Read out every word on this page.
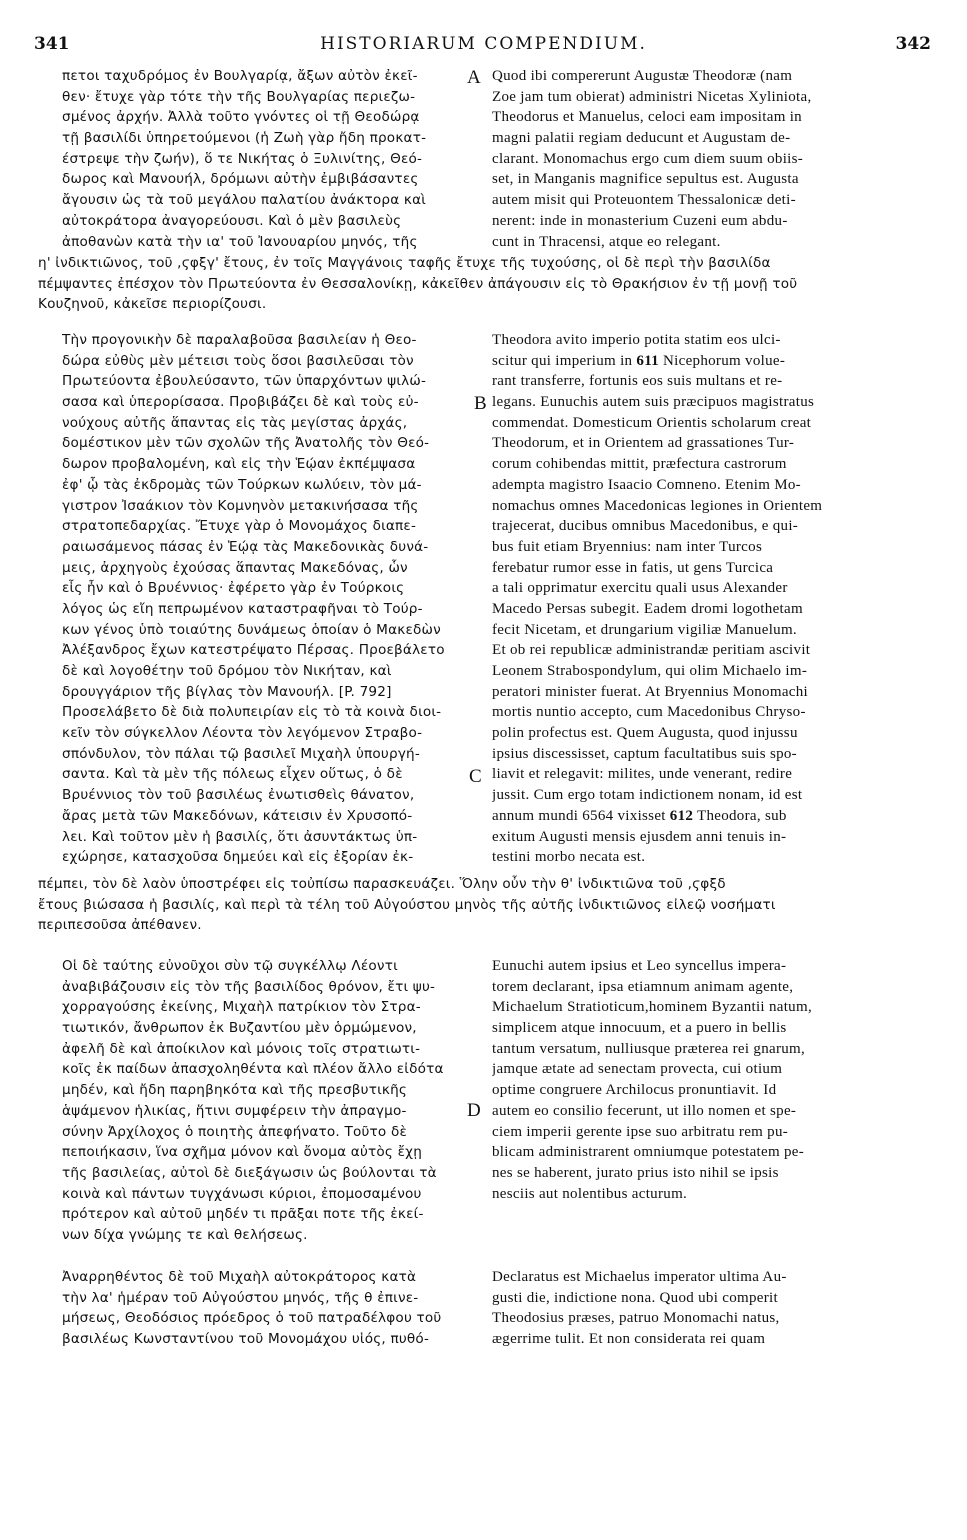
341	HISTORIARUM COMPENDIUM.	342
πετοι ταχυδρόμος ἐν Βουλγαρίᾳ, ἄξων αὐτὸν ἐκεῖ-
θεν· ἔτυχε γὰρ τότε τὴν τῆς Βουλγαρίας περιεζω-
σμένος ἀρχήν. Ἀλλὰ τοῦτο γνόντες οἱ τῇ Θεοδώρᾳ
τῇ βασιλίδι ὑπηρετούμενοι (ἡ Ζωὴ γὰρ ἤδη προκατ-
έστρεψε τὴν ζωήν), ὅ τε Νικήτας ὁ Ξυλινίτης, Θεό-
δωρος καὶ Μανουήλ, δρόμωνι αὐτὴν ἐμβιβάσαντες
ἄγουσιν ὡς τὰ τοῦ μεγάλου παλατίου ἀνάκτορα καὶ
αὐτοκράτορα ἀναγορεύουσι. Καὶ ὁ μὲν βασιλεὺς
ἀποθανὼν κατὰ τὴν ια' τοῦ Ἰανουαρίου μηνός, τῆς
A Quod ibi compererunt Augustæ Theodoræ (nam
Zoe jam tum obierat) administri Nicetas Xyliniota,
Theodorus et Manuelus, celoci eam impositam in
magni palatii regiam deducunt et Augustam de-
clarant. Monomachus ergo cum diem suum obiis-
set, in Manganis magnifice sepultus est. Augusta
autem misit qui Proteuontem Thessalonicæ deti-
nerent: inde in monasterium Cuzeni eum abdu-
cunt in Thracensi, atque eo relegant.
η' ἰνδικτιῶνος, τοῦ ,ϛφξγ' ἔτους, ἐν τοῖς Μαγγάνοις ταφῆς ἔτυχε τῆς τυχούσης, οἱ δὲ περὶ τὴν βασιλίδα
πέμψαντες ἐπέσχον τὸν Πρωτεύοντα ἐν Θεσσαλονίκῃ, κἀκεῖθεν ἀπάγουσιν εἰς τὸ Θρακήσιον ἐν τῇ μονῇ τοῦ
Κουζηνοῦ, κἀκεῖσε περιορίζουσι.
Τὴν προγονικὴν δὲ παραλαβοῦσα βασιλείαν ἡ Θεο-
δώρα εὐθὺς μὲν μέτεισι τοὺς ὅσοι βασιλεῦσαι τὸν
Πρωτεύοντα ἐβουλεύσαντο, τῶν ὑπαρχόντων ψιλώ-
σασα καὶ ὑπερορίσασα. Προβιβάζει δὲ καὶ τοὺς εὐ-
νούχους αὐτῆς ἅπαντας εἰς τὰς μεγίστας ἀρχάς,
δομέστικον μὲν τῶν σχολῶν τῆς Ἀνατολῆς τὸν Θεό-
δωρον προβαλομένη, καὶ εἰς τὴν Ἑῴαν ἐκπέμψασα
ἐφ' ᾧ τὰς ἐκδρομὰς τῶν Τούρκων κωλύειν, τὸν μά-
γιστρον Ἰσαάκιον τὸν Κομνηνὸν μετακινήσασα τῆς
στρατοπεδαρχίας. Ἔτυχε γὰρ ὁ Μονομάχος διαπε-
ραιωσάμενος πάσας ἐν Ἑῴᾳ τὰς Μακεδονικὰς δυνά-
μεις, ἀρχηγοὺς ἐχούσας ἅπαντας Μακεδόνας, ὧν
εἷς ἦν καὶ ὁ Βρυέννιος· ἐφέρετο γὰρ ἐν Τούρκοις
λόγος ὡς εἴη πεπρωμένον καταστραφῆναι τὸ Τούρ-
κων γένος ὑπὸ τοιαύτης δυνάμεως ὁποίαν ὁ Μακεδὼν
Ἀλέξανδρος ἔχων κατεστρέψατο Πέρσας. Προεβάλετο
δὲ καὶ λογοθέτην τοῦ δρόμου τὸν Νικήταν, καὶ
δρουγγάριον τῆς βίγλας τὸν Μανουήλ. [P. 792]
Προσελάβετο δὲ διὰ πολυπειρίαν εἰς τὸ τὰ κοινὰ διοι-
κεῖν τὸν σύγκελλον Λέοντα τὸν λεγόμενον Στραβο-
σπόνδυλον, τὸν πάλαι τῷ βασιλεῖ Μιχαὴλ ὑπουργή-
σαντα. Καὶ τὰ μὲν τῆς πόλεως εἶχεν οὕτως, ὁ δὲ
Βρυέννιος τὸν τοῦ βασιλέως ἐνωτισθεὶς θάνατον,
ἄρας μετὰ τῶν Μακεδόνων, κάτεισιν ἐν Χρυσοπό-
λει. Καὶ τοῦτον μὲν ἡ βασιλίς, ὅτι ἀσυντάκτως ὑπ-
εχώρησε, κατασχοῦσα δημεύει καὶ εἰς ἐξορίαν ἐκ-
B
C
Theodora avito imperio potita statim eos ulci-
scitur qui imperium in 611 Nicephorum volue-
rant transferre, fortunis eos suis multans et re-
legans. Eunuchis autem suis præcipuos magistratus
commendat. Domesticum Orientis scholarum creat
Theodorum, et in Orientem ad grassationes Tur-
corum cohibendas mittit, præfectura castrorum
adempta magistro Isaacio Comneno. Etenim Mo-
nomachus omnes Macedonicas legiones in Orientem
trajecerat, ducibus omnibus Macedonibus, e qui-
bus fuit etiam Bryennius: nam inter Turcos
ferebatur rumor esse in fatis, ut gens Turcica
a tali opprimatur exercitu quali usus Alexander
Macedo Persas subegit. Eadem dromi logothetam
fecit Nicetam, et drungarium vigiliæ Manuelum.
Et ob rei republicæ administrandæ peritiam ascivit
Leonem Strabospondylum, qui olim Michaelo im-
peratori minister fuerat. At Bryennius Monomachi
mortis nuntio accepto, cum Macedonibus Chryso-
polin profectus est. Quem Augusta, quod injussu
ipsius discessisset, captum facultatibus suis spo-
liavit et relegavit: milites, unde venerant, redire
jussit. Cum ergo totam indictionem nonam, id est
annum mundi 6564 vixisset 612 Theodora, sub
exitum Augusti mensis ejusdem anni tenuis in-
testini morbo necata est.
πέμπει, τὸν δὲ λαὸν ὑποστρέφει εἰς τοὐπίσω παρασκευάζει. Ὅλην οὖν τὴν θ' ἰνδικτιῶνα τοῦ ,ϛφξδ
ἔτους βιώσασα ἡ βασιλίς, καὶ περὶ τὰ τέλη τοῦ Αὐγούστου μηνὸς τῆς αὐτῆς ἰνδικτιῶνος εἰλεῷ νοσήματι
περιπεσοῦσα ἀπέθανεν.
Οἱ δὲ ταύτης εὐνοῦχοι σὺν τῷ συγκέλλῳ Λέοντι
ἀναβιβάζουσιν εἰς τὸν τῆς βασιλίδος θρόνον, ἔτι ψυ-
χορραγούσης ἐκείνης, Μιχαὴλ πατρίκιον τὸν Στρα-
τιωτικόν, ἄνθρωπον ἐκ Βυζαντίου μὲν ὁρμώμενον,
ἀφελῆ δὲ καὶ ἀποίκιλον καὶ μόνοις τοῖς στρατιωτι-
κοῖς ἐκ παίδων ἀπασχοληθέντα καὶ πλέον ἄλλο εἰδότα
μηδέν, καὶ ἤδη παρηβηκότα καὶ τῆς πρεσβυτικῆς
ἁψάμενον ἡλικίας, ἥτινι συμφέρειν τὴν ἀπραγμο-
σύνην Ἀρχίλοχος ὁ ποιητὴς ἀπεφήνατο. Τοῦτο δὲ
πεποιήκασιν, ἵνα σχῆμα μόνον καὶ ὄνομα αὐτὸς ἔχῃ
τῆς βασιλείας, αὐτοὶ δὲ διεξάγωσιν ὡς βούλονται τὰ
κοινὰ καὶ πάντων τυγχάνωσι κύριοι, ἐπομοσαμένου
πρότερον καὶ αὐτοῦ μηδέν τι πρᾶξαι ποτε τῆς ἐκεί-
νων δίχα γνώμης τε καὶ θελήσεως.
D
Eunuchi autem ipsius et Leo syncellus impera-
torem declarant, ipsa etiamnum animam agente,
Michaelum Stratioticum,hominem Byzantii natum,
simplicem atque innocuum, et a puero in bellis
tantum versatum, nulliusque præterea rei gnarum,
jamque ætate ad senectam provecta, cui otium
optime congruere Archilocus pronuntiavit. Id
autem eo consilio fecerunt, ut illo nomen et spe-
ciem imperii gerente ipse suo arbitratu rem pu-
blicam administrarent omniumque potestatem pe-
nes se haberent, jurato prius isto nihil se ipsis
nesciis aut nolentibus acturum.
Ἀναρρηθέντος δὲ τοῦ Μιχαὴλ αὐτοκράτορος κατὰ
τὴν λα' ἡμέραν τοῦ Αὐγούστου μηνός, τῆς θ ἐπινε-
μήσεως, Θεοδόσιος πρόεδρος ὁ τοῦ πατραδέλφου τοῦ
βασιλέως Κωνσταντίνου τοῦ Μονομάχου υἱός, πυθό-
Declaratus est Michaelus imperator ultima Au-
gusti die, indictione nona. Quod ubi comperit
Theodosius præses, patruo Monomachi natus,
ægerrime tulit. Et non considerata rei quam
